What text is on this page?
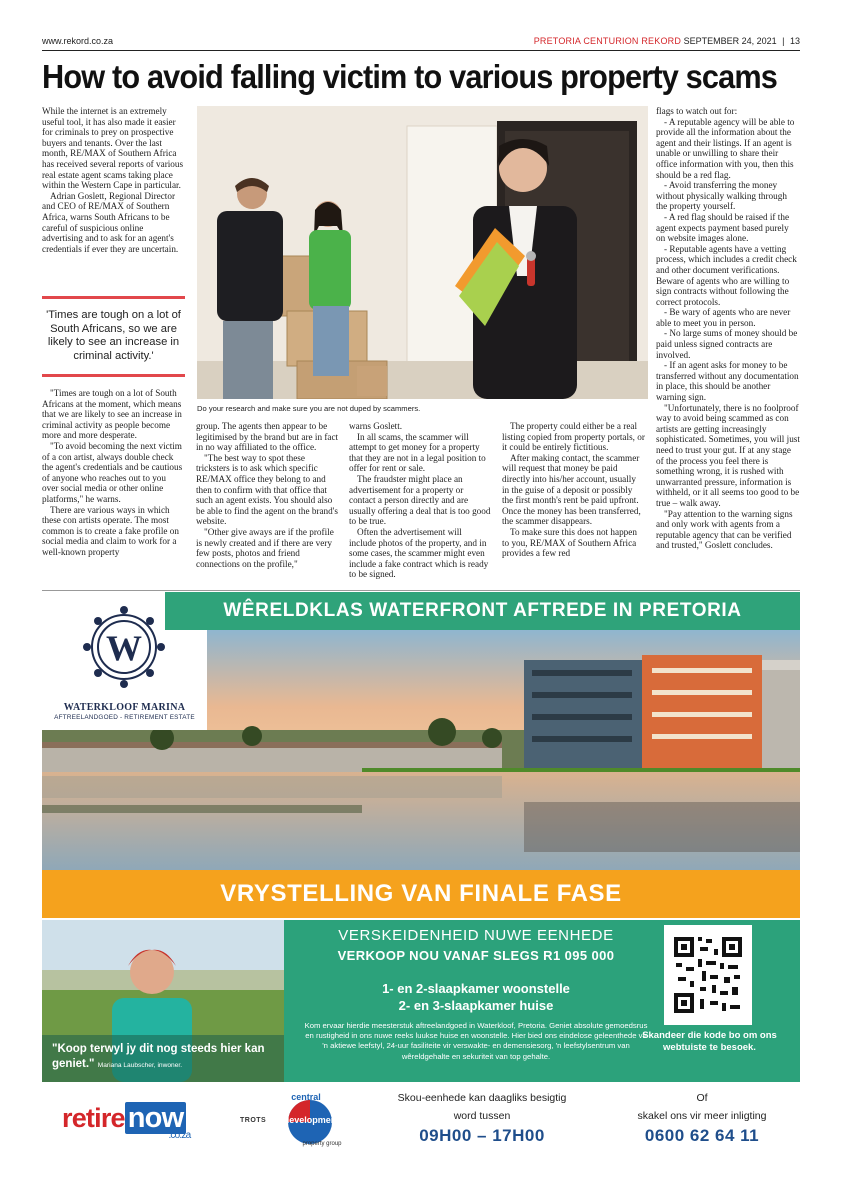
www.rekord.co.za	PRETORIA CENTURION REKORD SEPTEMBER 24, 2021 | 13
How to avoid falling victim to various property scams

While the internet is an extremely useful tool, it has also made it easier for criminals to prey on prospective buyers and tenants. Over the last month, RE/MAX of Southern Africa has received several reports of various real estate agent scams taking place within the Western Cape in particular.

Adrian Goslett, Regional Director and CEO of RE/MAX of Southern Africa, warns South Africans to be careful of suspicious online advertising and to ask for an agent's credentials if ever they are uncertain.

'Times are tough on a lot of South Africans, so we are likely to see an increase in criminal activity.'

"Times are tough on a lot of South Africans at the moment, which means that we are likely to see an increase in criminal activity as people become more and more desperate.

"To avoid becoming the next victim of a con artist, always double check the agent's credentials and be cautious of anyone who reaches out to you over social media or other online platforms," he warns.

There are various ways in which these con artists operate. The most common is to create a fake profile on social media and claim to work for a well-known property

Do your research and make sure you are not duped by scammers.

group. The agents then appear to be legitimised by the brand but are in fact in no way affiliated to the office.

"The best way to spot these tricksters is to ask which specific RE/MAX office they belong to and then to confirm with that office that such an agent exists. You should also be able to find the agent on the brand's website.

"Other give aways are if the profile is newly created and if there are very few posts, photos and friend connections on the profile,"

warns Goslett.

In all scams, the scammer will attempt to get money for a property that they are not in a legal position to offer for rent or sale.

The fraudster might place an advertisement for a property or contact a person directly and are usually offering a deal that is too good to be true.

Often the advertisement will include photos of the property, and in some cases, the scammer might even include a fake contract which is ready to be signed.

The property could either be a real listing copied from property portals, or it could be entirely fictitious.

After making contact, the scammer will request that money be paid directly into his/her account, usually in the guise of a deposit or possibly the first month's rent be paid upfront. Once the money has been transferred, the scammer disappears.

To make sure this does not happen to you, RE/MAX of Southern Africa provides a few red

flags to watch out for:

- A reputable agency will be able to provide all the information about the agent and their listings. If an agent is unable or unwilling to share their office information with you, then this should be a red flag.

- Avoid transferring the money without physically walking through the property yourself.

- A red flag should be raised if the agent expects payment based purely on website images alone.

- Reputable agents have a vetting process, which includes a credit check and other document verifications. Beware of agents who are willing to sign contracts without following the correct protocols.

- Be wary of agents who are never able to meet you in person.

- No large sums of money should be paid unless signed contracts are involved.

- If an agent asks for money to be transferred without any documentation in place, this should be another warning sign.

"Unfortunately, there is no foolproof way to avoid being scammed as con artists are getting increasingly sophisticated. Sometimes, you will just need to trust your gut. If at any stage of the process you feel there is something wrong, it is rushed with unwarranted pressure, information is withheld, or it all seems too good to be true – walk away.

"Pay attention to the warning signs and only work with agents from a reputable agency that can be verified and trusted," Goslett concludes.

W
WATERKLOOF MARINA
AFTREELANDGOED - RETIREMENT ESTATE
WÊRELDKLAS WATERFRONT AFTREDE IN PRETORIA
VRYSTELLING VAN FINALE FASE
"Koop terwyl jy dit nog steeds hier kan geniet." Mariana Laubscher, inwoner.
VERSKEIDENHEID NUWE EENHEDE
VERKOOP NOU VANAF SLEGS R1 095 000
1- en 2-slaapkamer woonstelle
2- en 3-slaapkamer huise
Kom ervaar hierdie meesterstuk aftreelandgoed in Waterkloof, Pretoria. Geniet absolute gemoedsrus en rustigheid in ons nuwe reeks luukse huise en woonstelle. Hier bied ons eindelose geleenthede vir 'n aktiewe leefstyl, 24-uur fasiliteite vir verswakte- en demensiesorg, 'n leefstylsentrum van wêreldgehalte en sekuriteit van top gehalte.
Skandeer die kode bo om ons webtuiste te besoek.
retire now
.co.za
TROTS
central
developments
property group
Skou-eenhede kan daagliks besigtig
word tussen
09H00 – 17H00
Of
skakel ons vir meer inligting
0600 62 64 11
